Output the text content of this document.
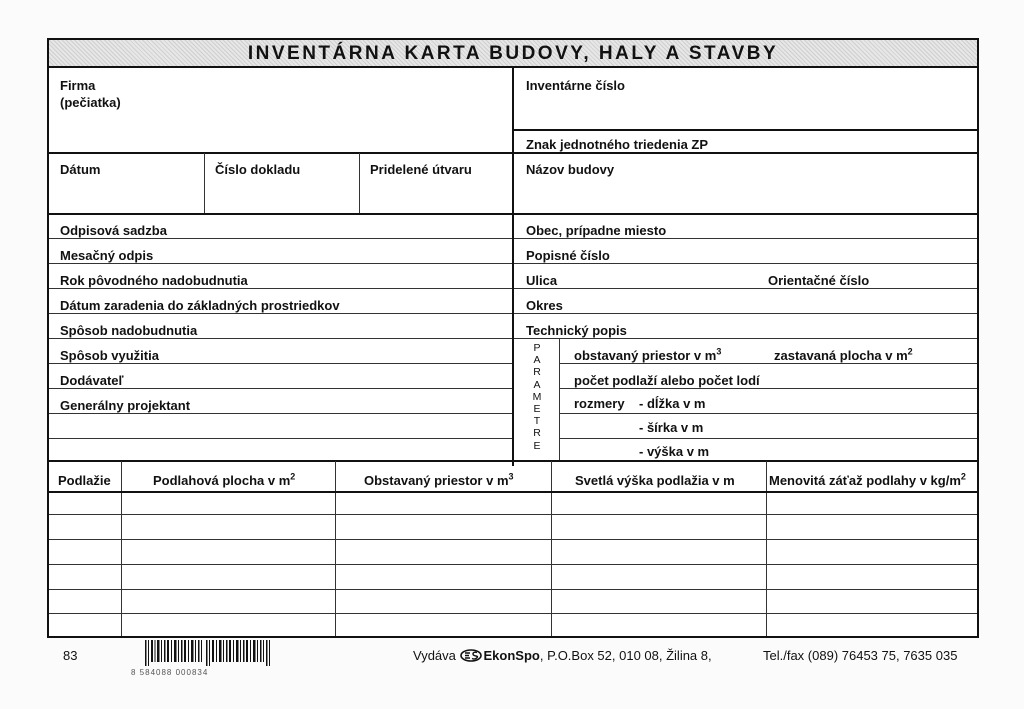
INVENTÁRNA KARTA BUDOVY, HALY A STAVBY
Firma
(pečiatka)
Inventárne číslo
Znak jednotného triedenia ZP
Dátum	Číslo dokladu	Pridelené útvaru	Názov budovy
Odpisová sadzba
Mesačný odpis
Rok pôvodného nadobudnutia
Dátum zaradenia do základných prostriedkov
Spôsob nadobudnutia
Spôsob využitia
Dodávateľ
Generálny projektant
Obec, prípadne miesto
Popisné číslo
Ulica	Orientačné číslo
Okres
Technický popis
P
A
R
A
M
E
T
R
E
obstavaný priestor v $m^3$	zastavaná plocha v $m^2$
počet podlaží alebo počet lodí
rozmery - dĺžka v m
- šírka v m
- výška v m
Podlažie	Podlahová plocha v $m^2$	Obstavaný priestor v $m^3$	Svetlá výška podlažia v m	Menovitá záťaž podlahy v $kg/m^2$
83
8 584088 000834
Vydáva EkonSpo, P.O.Box 52, 010 08, Žilina 8,	Tel./fax (089) 76453 75, 7635 035
